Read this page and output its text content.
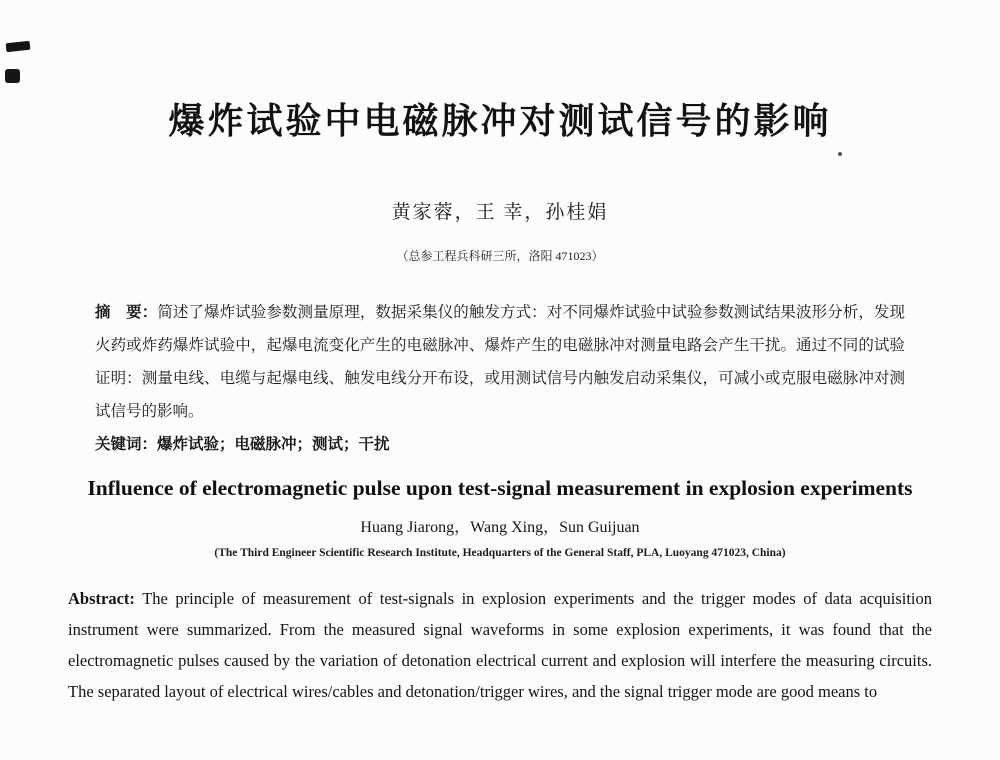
爆炸试验中电磁脉冲对测试信号的影响
黄家蓉，王 幸，孙桂娟
（总参工程兵科研三所，洛阳 471023）

摘　要：简述了爆炸试验参数测量原理，数据采集仪的触发方式：对不同爆炸试验中试验参数测试结果波形分析，发现火药或炸药爆炸试验中，起爆电流变化产生的电磁脉冲、爆炸产生的电磁脉冲对测量电路会产生干扰。通过不同的试验证明：测量电线、电缆与起爆电线、触发电线分开布设，或用测试信号内触发启动采集仪，可减小或克服电磁脉冲对测试信号的影响。

关键词：爆炸试验；电磁脉冲；测试；干扰

Influence of electromagnetic pulse upon test-signal measurement in explosion experiments
Huang Jiarong，Wang Xing，Sun Guijuan
(The Third Engineer Scientific Research Institute, Headquarters of the General Staff, PLA, Luoyang 471023, China)

Abstract: The principle of measurement of test-signals in explosion experiments and the trigger modes of data acquisition instrument were summarized. From the measured signal waveforms in some explosion experiments, it was found that the electromagnetic pulses caused by the variation of detonation electrical current and explosion will interfere the measuring circuits. The separated layout of electrical wires/cables and detonation/trigger wires, and the signal trigger mode are good means to
